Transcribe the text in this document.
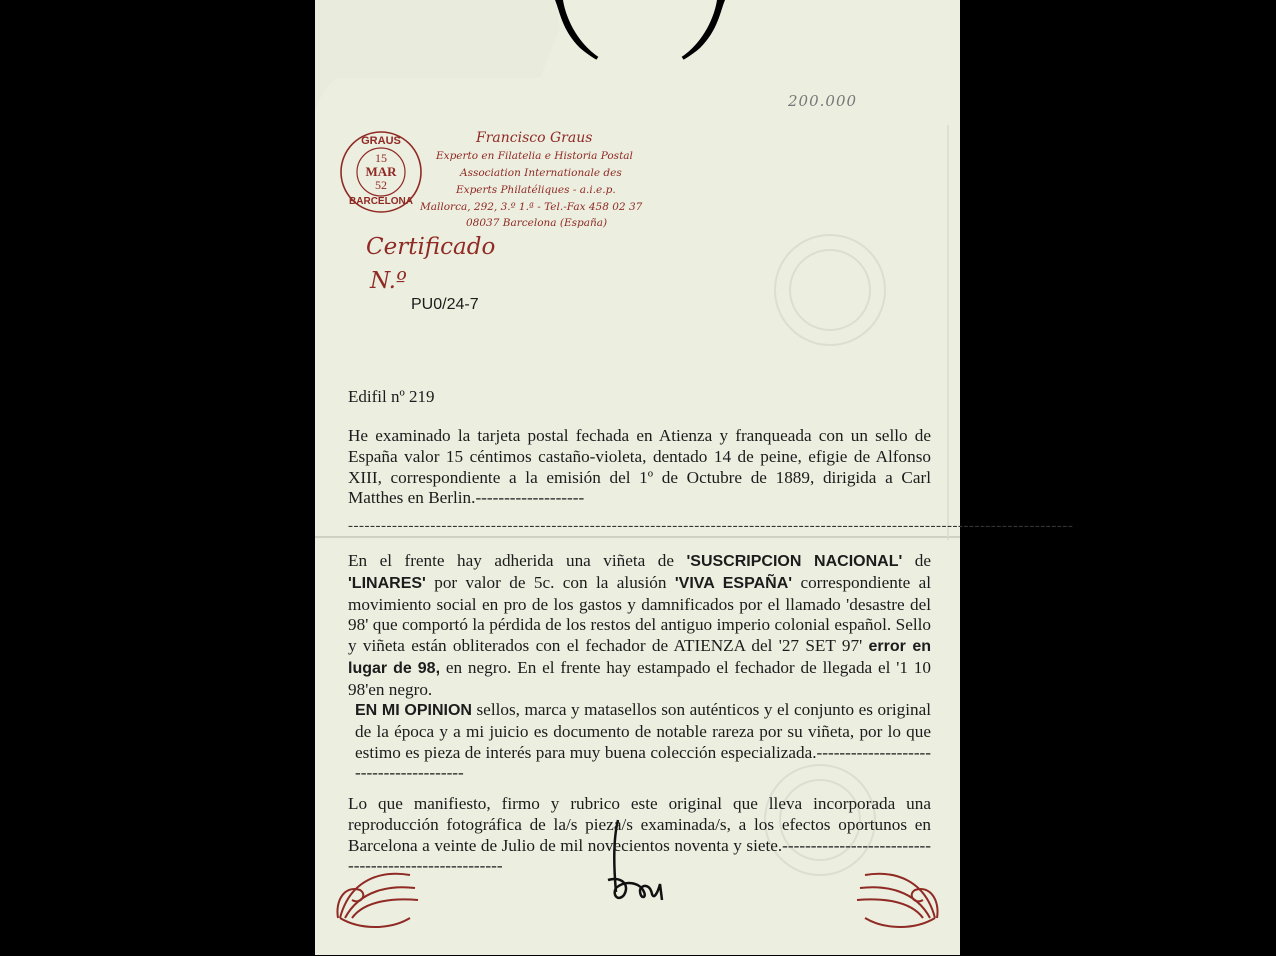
200.000
GRAUS
15
MAR
52
BARCELONA
Francisco Graus
Experto en Filatelia e Historia Postal
Association Internationale des
Experts Philatéliques - a.i.e.p.
Mallorca, 292, 3.º 1.ª - Tel.-Fax 458 02 37
08037 Barcelona (España)
Certificado
N.º
PU0/24-7
Edifil nº 219

He examinado la tarjeta postal fechada en Atienza y franqueada con un sello de España valor 15 céntimos castaño-violeta, dentado 14 de peine, efigie de Alfonso XIII, correspondiente a la emisión del 1º de Octubre de 1889, dirigida a Carl Matthes en Berlin.-------------------

------------------------------------------------------------------------------------------------------------------------------------

En el frente hay adherida una viñeta de 'SUSCRIPCION NACIONAL' de 'LINARES' por valor de 5c. con la alusión 'VIVA ESPAÑA' correspondiente al movimiento social en pro de los gastos y damnificados por el llamado 'desastre del 98' que comportó la pérdida de los restos del antiguo imperio colonial español. Sello y viñeta están obliterados con el fechador de ATIENZA del '27 SET 97' error en lugar de 98, en negro. En el frente hay estampado el fechador de llegada el '1 10 98'en negro.

EN MI OPINION sellos, marca y matasellos son auténticos y el conjunto es original de la época y a mi juicio es documento de notable rareza por su viñeta, por lo que estimo es pieza de interés para muy buena colección especializada.---------------------------------------

Lo que manifiesto, firmo y rubrico este original que lleva incorporada una reproducción fotográfica de la/s pieza/s examinada/s, a los efectos oportunos en Barcelona a veinte de Julio de mil novecientos noventa y siete.-----------------------------------------------------
